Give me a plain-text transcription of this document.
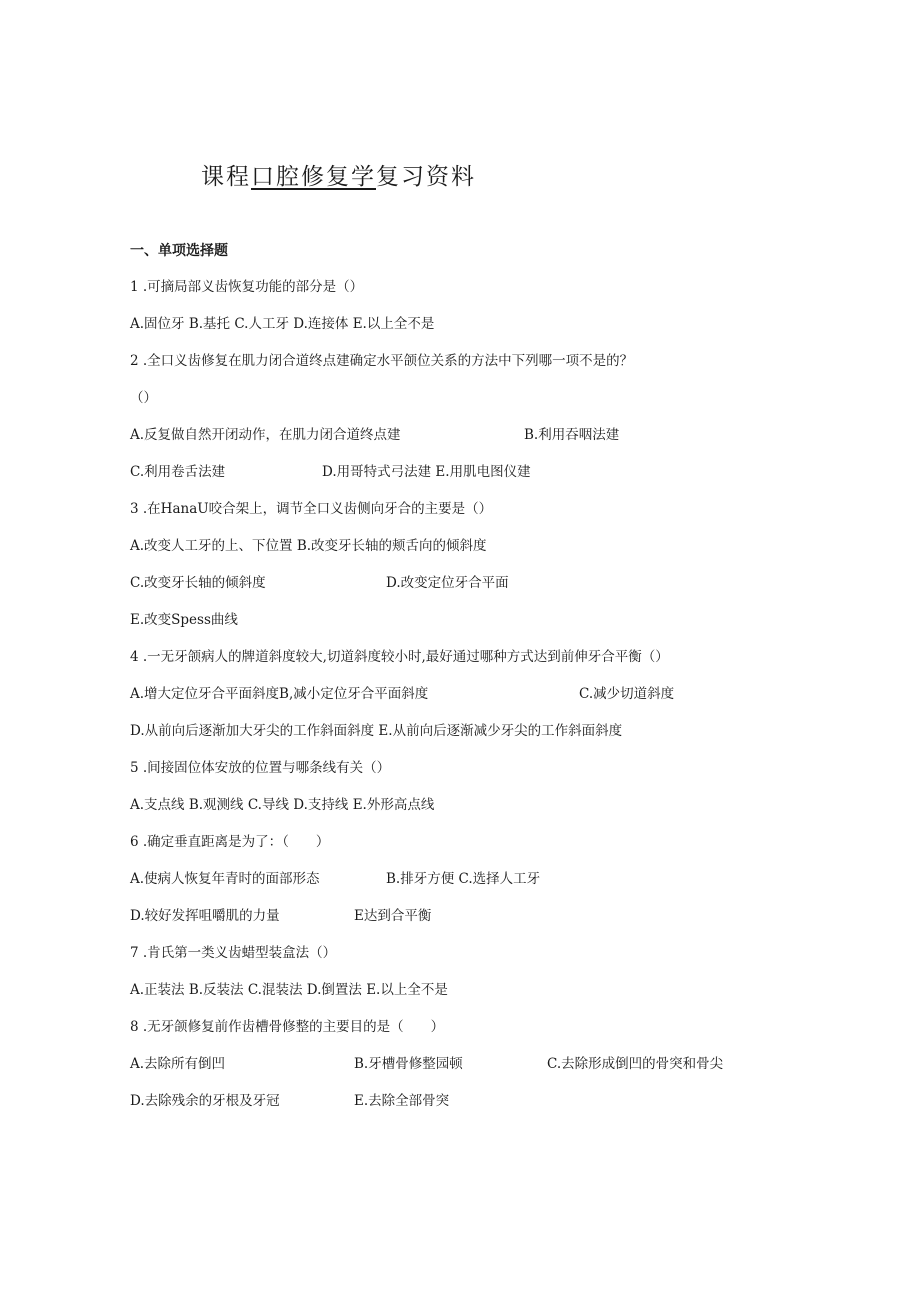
课程口腔修复学复习资料
一、单项选择题

1 .可摘局部义齿恢复功能的部分是（）

A.固位牙 B.基托 C.人工牙 D.连接体 E.以上全不是

2 .全口义齿修复在肌力闭合道终点建确定水平颌位关系的方法中下列哪一项不是的？

（）

A.反复做自然开闭动作，在肌力闭合道终点建	B.利用吞咽法建

C.利用卷舌法建	D.用哥特式弓法建 E.用肌电图仪建

3 .在HanaU咬合架上，调节全口义齿侧向牙合的主要是（）

A.改变人工牙的上、下位置 B.改变牙长轴的颊舌向的倾斜度

C.改变牙长轴的倾斜度	D.改变定位牙合平面

E.改变Spess曲线

4 .一无牙颌病人的牌道斜度较大,切道斜度较小时,最好通过哪种方式达到前伸牙合平衡（）

A.增大定位牙合平面斜度B,减小定位牙合平面斜度	C.减少切道斜度

D.从前向后逐渐加大牙尖的工作斜面斜度 E.从前向后逐渐减少牙尖的工作斜面斜度

5 .间接固位体安放的位置与哪条线有关（）

A.支点线 B.观测线 C.导线 D.支持线 E.外形高点线

6 .确定垂直距离是为了：（　　）

A.使病人恢复年青时的面部形态	B.排牙方便 C.选择人工牙

D.较好发挥咀嚼肌的力量	E达到合平衡

7 .肯氏第一类义齿蜡型装盒法（）

A.正装法 B.反装法 C.混装法 D.倒置法 E.以上全不是

8 .无牙颌修复前作齿槽骨修整的主要目的是（　　）

A.去除所有倒凹	B.牙槽骨修整园顿	C.去除形成倒凹的骨突和骨尖

D.去除残余的牙根及牙冠	E.去除全部骨突
